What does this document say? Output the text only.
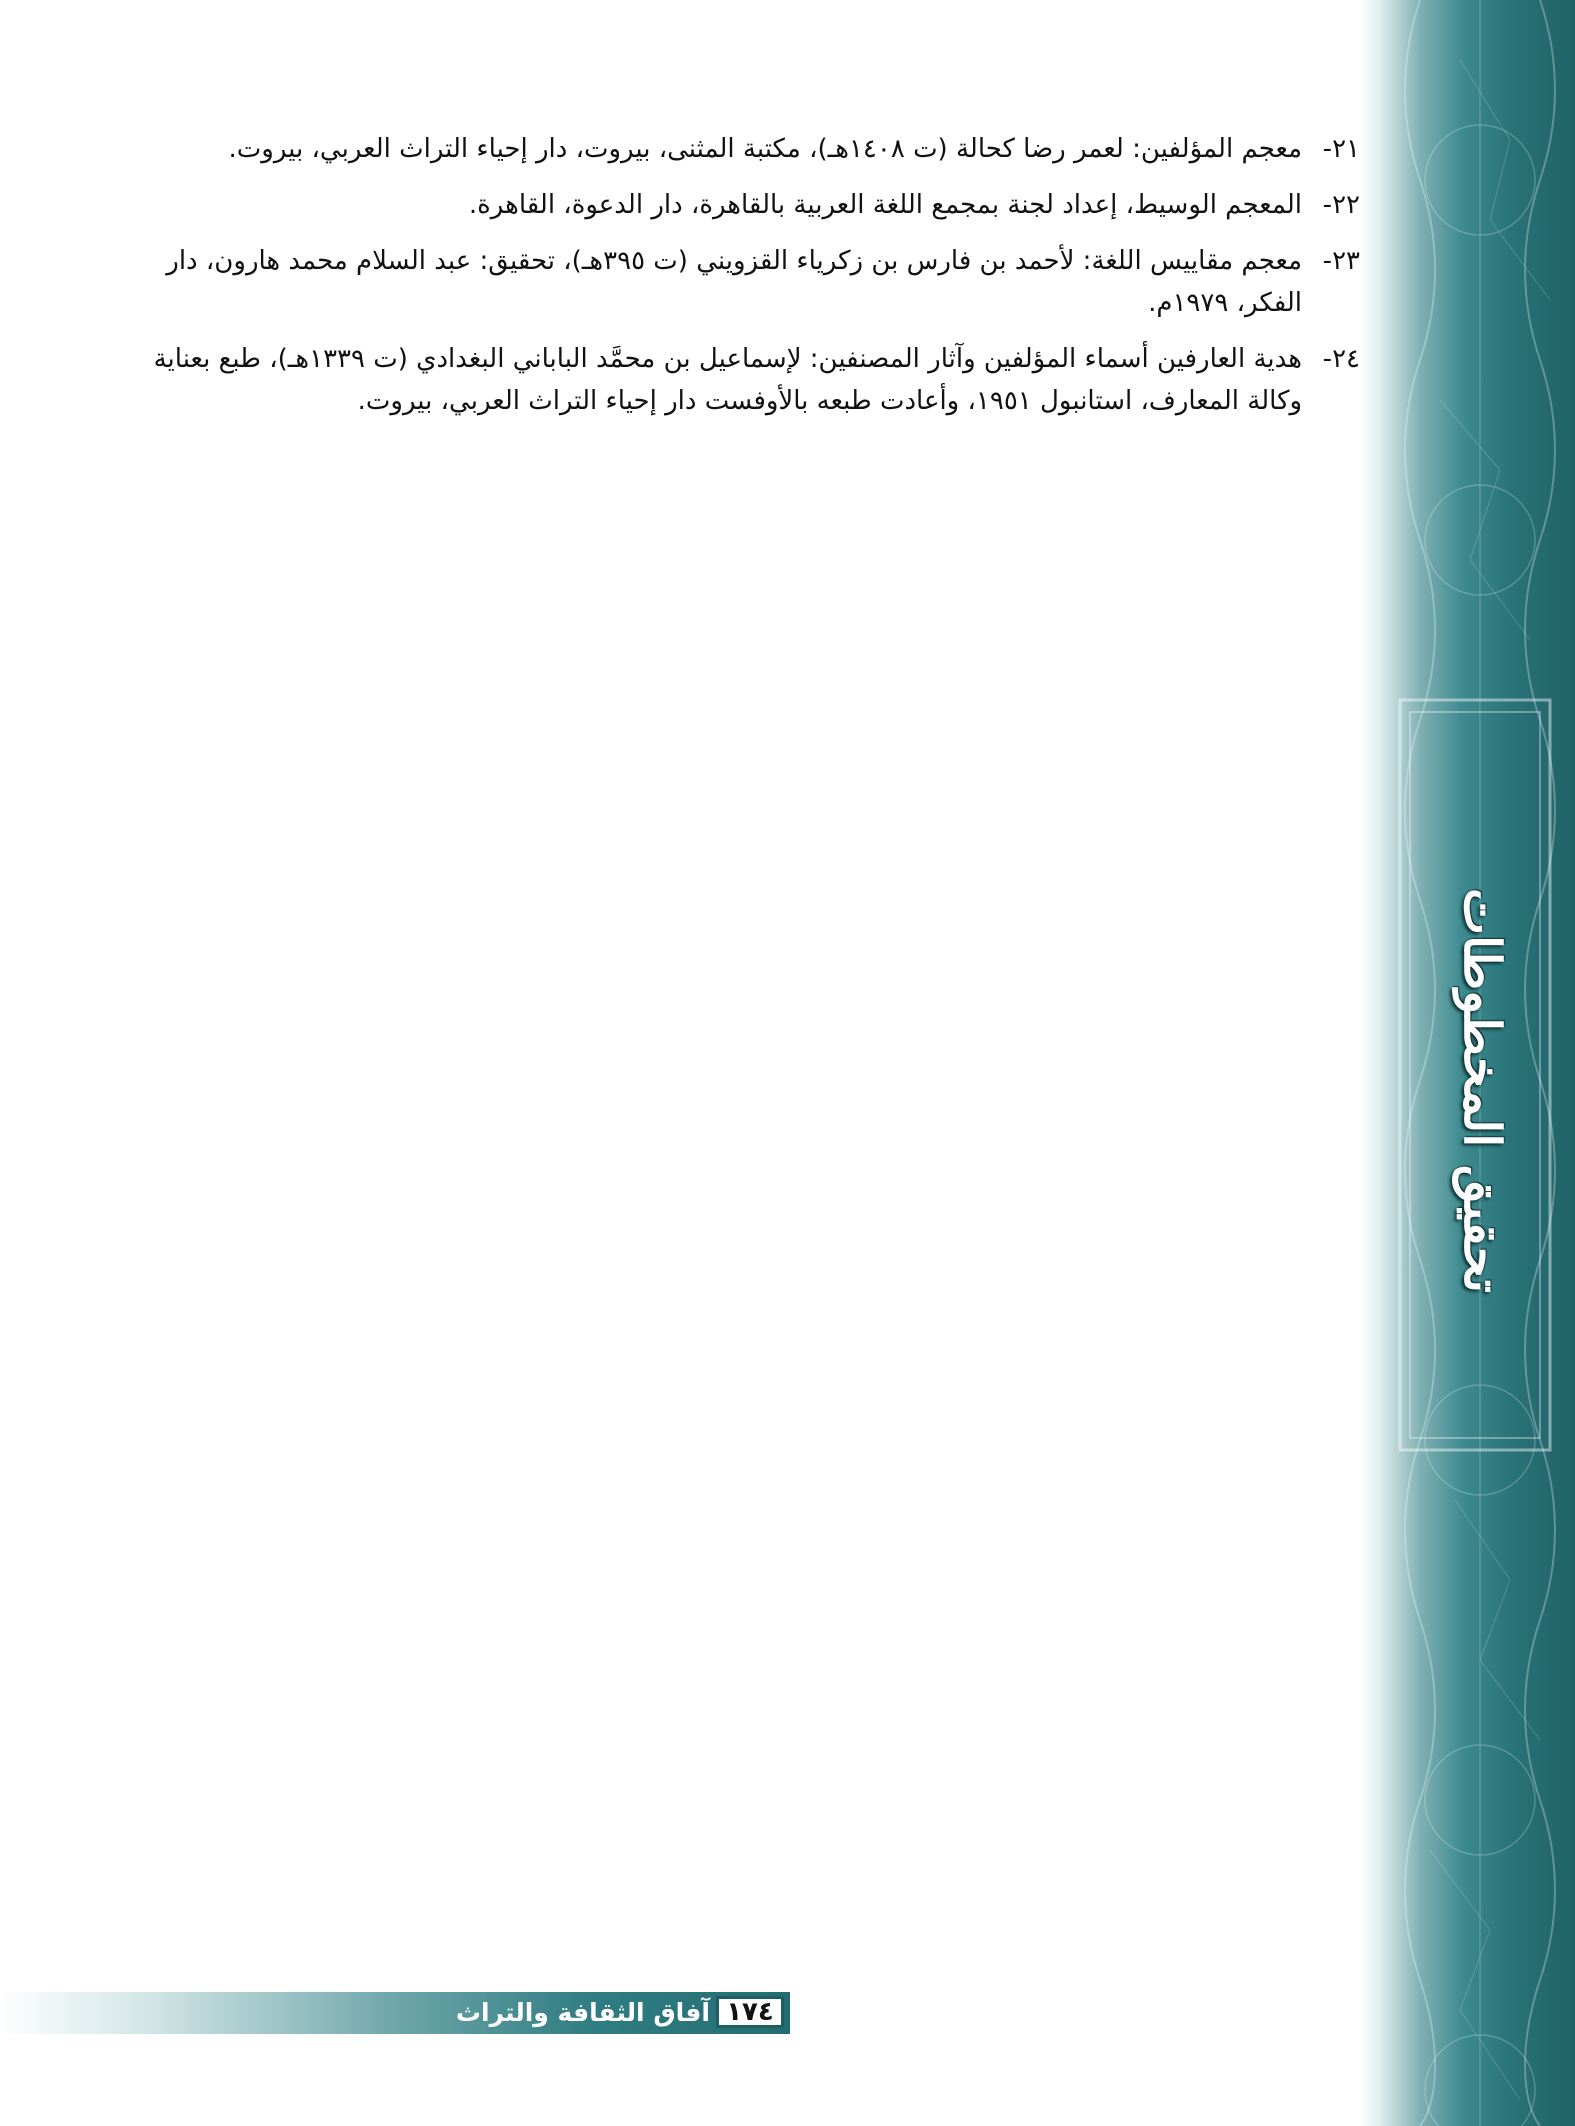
تحقيق المخطوطات

٢١-معجم المؤلفين: لعمر رضا كحالة (ت ١٤٠٨هـ)، مكتبة المثنى، بيروت، دار إحياء التراث العربي، بيروت.

٢٢-المعجم الوسيط، إعداد لجنة بمجمع اللغة العربية بالقاهرة، دار الدعوة، القاهرة.

٢٣-معجم مقاييس اللغة: لأحمد بن فارس بن زكرياء القزويني (ت ٣٩٥هـ)، تحقيق: عبد السلام محمد هارون، دار الفكر، ١٩٧٩م.

٢٤-هدية العارفين أسماء المؤلفين وآثار المصنفين: لإسماعيل بن محمَّد الباباني البغدادي (ت ١٣٣٩هـ)، طبع بعناية وكالة المعارف، استانبول ١٩٥١، وأعادت طبعه بالأوفست دار إحياء التراث العربي، بيروت.

آفاق الثقافة والتراث ١٧٤
